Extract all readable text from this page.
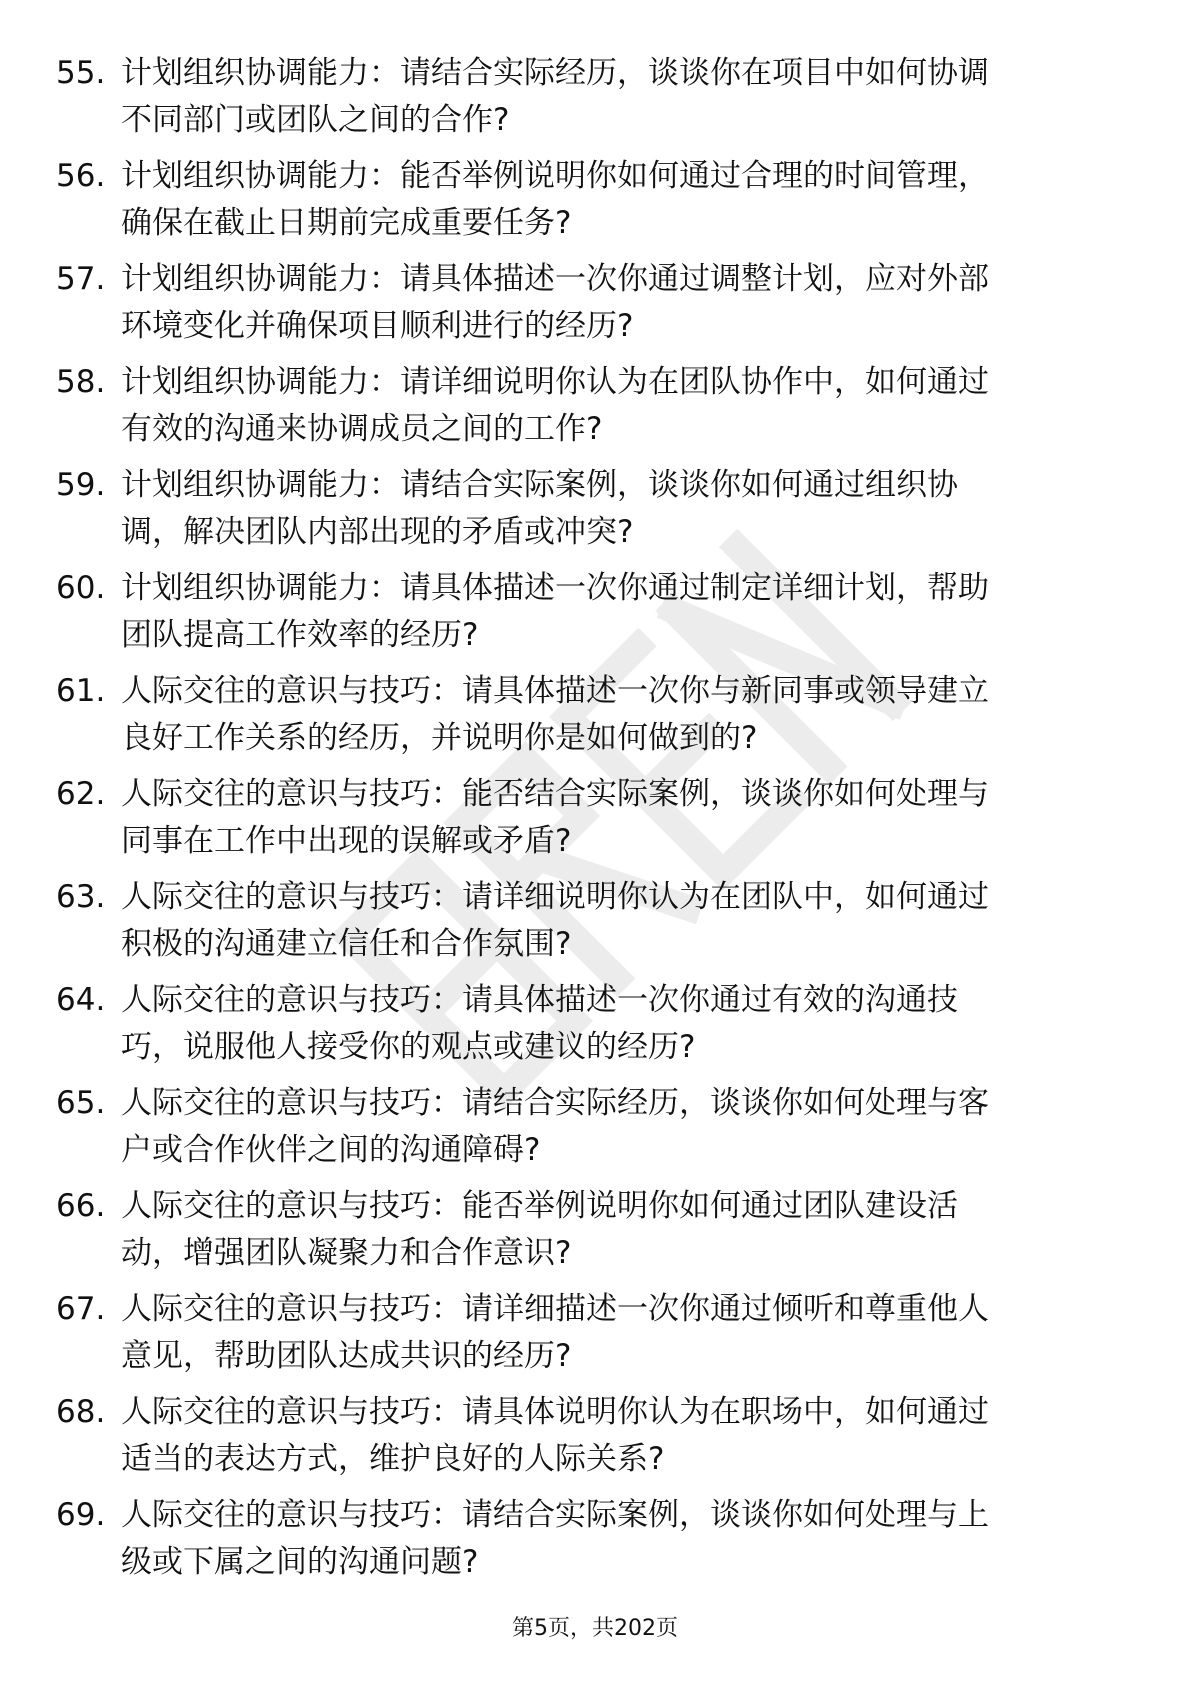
55. 计划组织协调能力：请结合实际经历，谈谈你在项目中如何协调
不同部门或团队之间的合作?
56. 计划组织协调能力：能否举例说明你如何通过合理的时间管理，
确保在截止日期前完成重要任务?
57. 计划组织协调能力：请具体描述一次你通过调整计划，应对外部
环境变化并确保项目顺利进行的经历?
58. 计划组织协调能力：请详细说明你认为在团队协作中，如何通过
有效的沟通来协调成员之间的工作?
59. 计划组织协调能力：请结合实际案例，谈谈你如何通过组织协
调，解决团队内部出现的矛盾或冲突?
60. 计划组织协调能力：请具体描述一次你通过制定详细计划，帮助
团队提高工作效率的经历?
61. 人际交往的意识与技巧：请具体描述一次你与新同事或领导建立
良好工作关系的经历，并说明你是如何做到的?
62. 人际交往的意识与技巧：能否结合实际案例，谈谈你如何处理与
同事在工作中出现的误解或矛盾?
63. 人际交往的意识与技巧：请详细说明你认为在团队中，如何通过
积极的沟通建立信任和合作氛围?
64. 人际交往的意识与技巧：请具体描述一次你通过有效的沟通技
巧，说服他人接受你的观点或建议的经历?
65. 人际交往的意识与技巧：请结合实际经历，谈谈你如何处理与客
户或合作伙伴之间的沟通障碍?
66. 人际交往的意识与技巧：能否举例说明你如何通过团队建设活
动，增强团队凝聚力和合作意识?
67. 人际交往的意识与技巧：请详细描述一次你通过倾听和尊重他人
意见，帮助团队达成共识的经历?
68. 人际交往的意识与技巧：请具体说明你认为在职场中，如何通过
适当的表达方式，维护良好的人际关系?
69. 人际交往的意识与技巧：请结合实际案例，谈谈你如何处理与上
级或下属之间的沟通问题?
第5页，共202页
